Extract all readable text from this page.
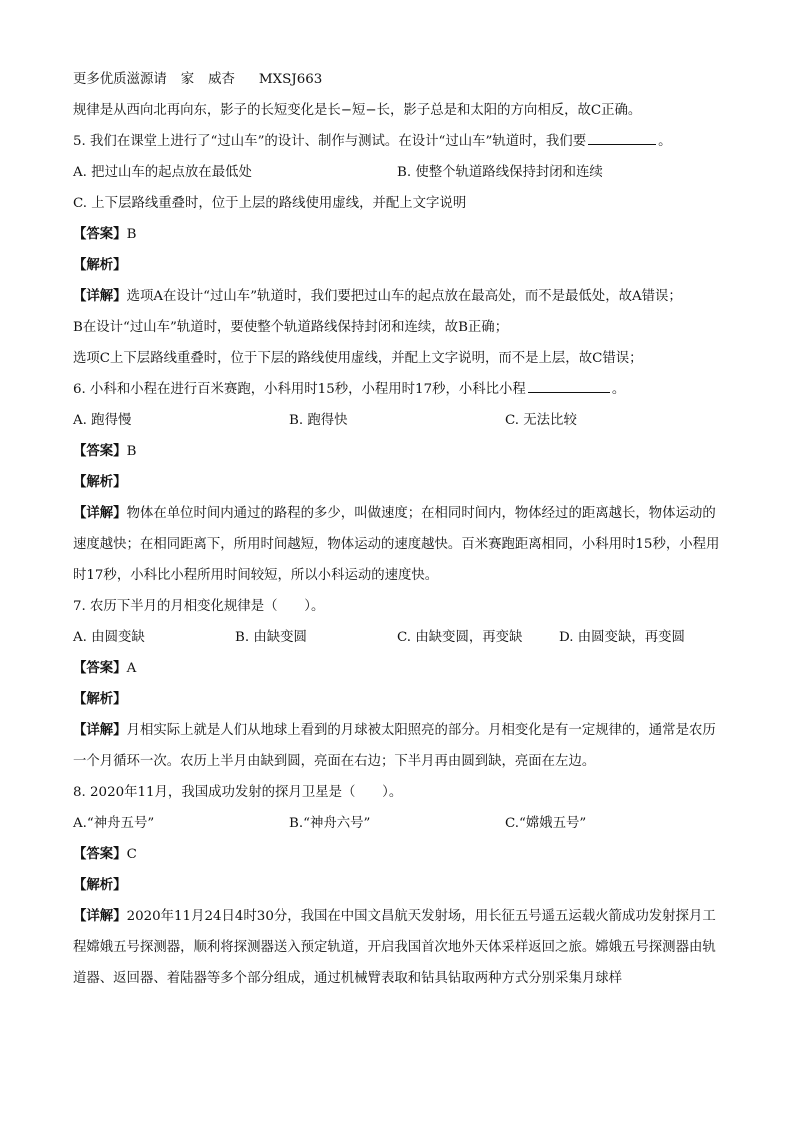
更多优质滋源请 家 威杏 MXSJ663
规律是从西向北再向东，影子的长短变化是长−短−长，影子总是和太阳的方向相反，故C正确。
5. 我们在课堂上进行了“过山车”的设计、制作与测试。在设计“过山车”轨道时，我们要	。
A. 把过山车的起点放在最低处	B. 使整个轨道路线保持封闭和连续
C. 上下层路线重叠时，位于上层的路线使用虚线，并配上文字说明
【答案】B
【解析】
【详解】选项A在设计“过山车”轨道时，我们要把过山车的起点放在最高处，而不是最低处，故A错误；
B在设计“过山车”轨道时，要使整个轨道路线保持封闭和连续，故B正确；
选项C上下层路线重叠时，位于下层的路线使用虚线，并配上文字说明，而不是上层，故C错误；
6. 小科和小程在进行百米赛跑，小科用时15秒，小程用时17秒，小科比小程	。
A. 跑得慢	B. 跑得快	C. 无法比较
【答案】B
【解析】
【详解】物体在单位时间内通过的路程的多少，叫做速度；在相同时间内，物体经过的距离越长，物体运动的速度越快；在相同距离下，所用时间越短，物体运动的速度越快。百米赛跑距离相同，小科用时15秒，小程用时17秒，小科比小程所用时间较短，所以小科运动的速度快。
7. 农历下半月的月相变化规律是（　　）。
A. 由圆变缺	B. 由缺变圆	C. 由缺变圆，再变缺	D. 由圆变缺，再变圆
【答案】A
【解析】
【详解】月相实际上就是人们从地球上看到的月球被太阳照亮的部分。月相变化是有一定规律的，通常是农历一个月循环一次。农历上半月由缺到圆，亮面在右边；下半月再由圆到缺，亮面在左边。
8. 2020年11月，我国成功发射的探月卫星是（　　）。
A.“神舟五号”	B.“神舟六号”	C.“嫦娥五号”
【答案】C
【解析】
【详解】2020年11月24日4时30分，我国在中国文昌航天发射场，用长征五号遥五运载火箭成功发射探月工程嫦娥五号探测器，顺利将探测器送入预定轨道，开启我国首次地外天体采样返回之旅。嫦娥五号探测器由轨道器、返回器、着陆器等多个部分组成，通过机械臂表取和钻具钻取两种方式分别采集月球样
